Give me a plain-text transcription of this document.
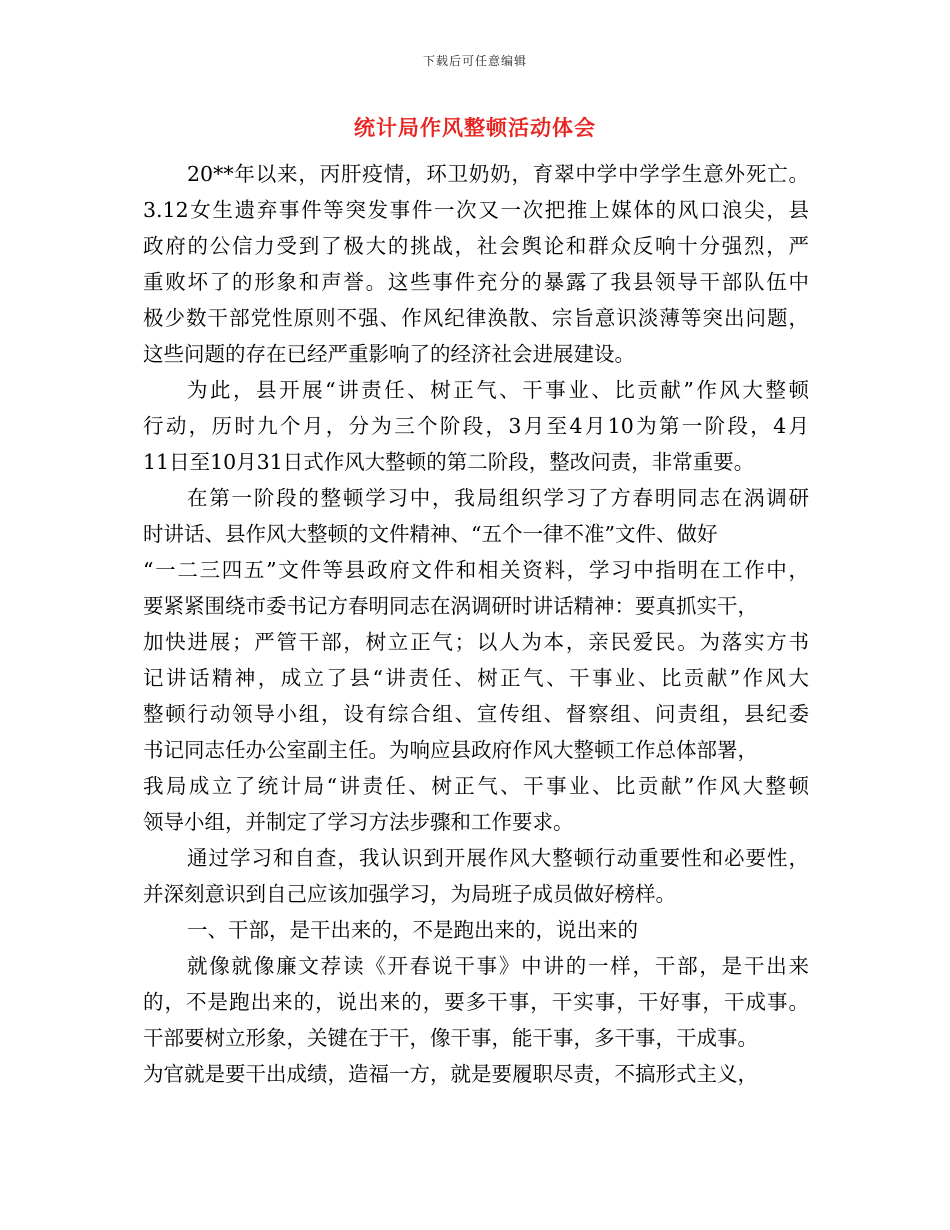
下载后可任意编辑
统计局作风整顿活动体会
20**年以来，丙肝疫情，环卫奶奶，育翠中学中学学生意外死亡。
3.12女生遗弃事件等突发事件一次又一次把推上媒体的风口浪尖，县
政府的公信力受到了极大的挑战，社会舆论和群众反响十分强烈，严
重败坏了的形象和声誉。这些事件充分的暴露了我县领导干部队伍中
极少数干部党性原则不强、作风纪律涣散、宗旨意识淡薄等突出问题，
这些问题的存在已经严重影响了的经济社会进展建设。
为此，县开展“讲责任、树正气、干事业、比贡献”作风大整顿
行动，历时九个月，分为三个阶段，3月至4月10为第一阶段，4月
11日至10月31日式作风大整顿的第二阶段，整改问责，非常重要。
在第一阶段的整顿学习中，我局组织学习了方春明同志在涡调研
时讲话、县作风大整顿的文件精神、“五个一律不准”文件、做好
“一二三四五”文件等县政府文件和相关资料，学习中指明在工作中，
要紧紧围绕市委书记方春明同志在涡调研时讲话精神：要真抓实干，
加快进展；严管干部，树立正气；以人为本，亲民爱民。为落实方书
记讲话精神，成立了县“讲责任、树正气、干事业、比贡献”作风大
整顿行动领导小组，设有综合组、宣传组、督察组、问责组，县纪委
书记同志任办公室副主任。为响应县政府作风大整顿工作总体部署，
我局成立了统计局“讲责任、树正气、干事业、比贡献”作风大整顿
领导小组，并制定了学习方法步骤和工作要求。
通过学习和自查，我认识到开展作风大整顿行动重要性和必要性，
并深刻意识到自己应该加强学习，为局班子成员做好榜样。
一、干部，是干出来的，不是跑出来的，说出来的
就像就像廉文荐读《开春说干事》中讲的一样，干部，是干出来
的，不是跑出来的，说出来的，要多干事，干实事，干好事，干成事。
干部要树立形象，关键在于干，像干事，能干事，多干事，干成事。
为官就是要干出成绩，造福一方，就是要履职尽责，不搞形式主义，
